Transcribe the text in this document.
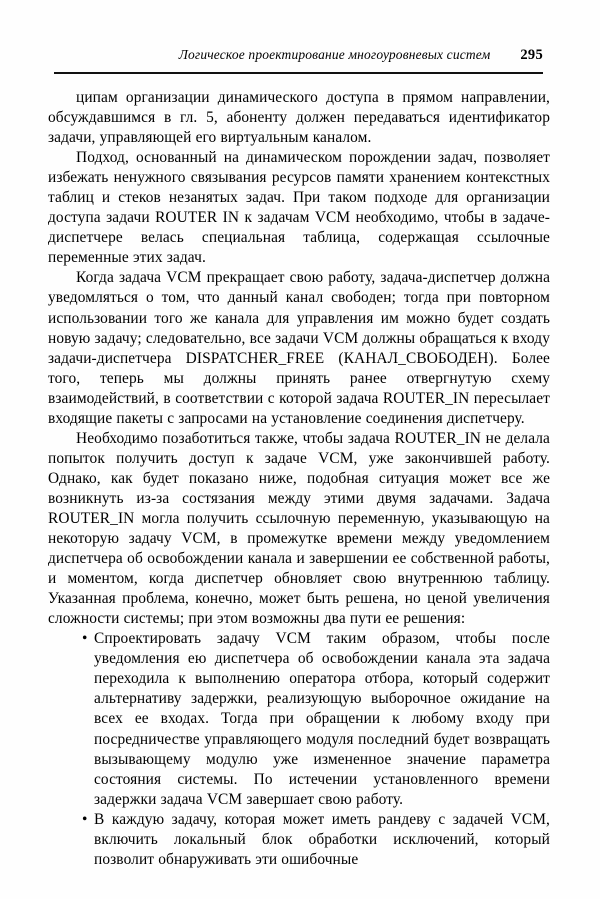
Логическое проектирование многоуровневых систем 295

ципам организации динамического доступа в прямом направлении, обсуждавшимся в гл. 5, абоненту должен передаваться идентификатор задачи, управляющей его виртуальным каналом.

Подход, основанный на динамическом порождении задач, позволяет избежать ненужного связывания ресурсов памяти хранением контекстных таблиц и стеков незанятых задач. При таком подходе для организации доступа задачи ROUTER IN к задачам VCM необходимо, чтобы в задаче-диспетчере велась специальная таблица, содержащая ссылочные переменные этих задач.

Когда задача VCM прекращает свою работу, задача-диспетчер должна уведомляться о том, что данный канал свободен; тогда при повторном использовании того же канала для управления им можно будет создать новую задачу; следовательно, все задачи VCM должны обращаться к входу задачи-диспетчера DISPATCHER_FREE (КАНАЛ_СВОБОДЕН). Более того, теперь мы должны принять ранее отвергнутую схему взаимодействий, в соответствии с которой задача ROUTER_IN пересылает входящие пакеты с запросами на установление соединения диспетчеру.

Необходимо позаботиться также, чтобы задача ROUTER_IN не делала попыток получить доступ к задаче VCM, уже закончившей работу. Однако, как будет показано ниже, подобная ситуация может все же возникнуть из-за состязания между этими двумя задачами. Задача ROUTER_IN могла получить ссылочную переменную, указывающую на некоторую задачу VCM, в промежутке времени между уведомлением диспетчера об освобождении канала и завершении ее собственной работы, и моментом, когда диспетчер обновляет свою внутреннюю таблицу. Указанная проблема, конечно, может быть решена, но ценой увеличения сложности системы; при этом возможны два пути ее решения:

• Спроектировать задачу VCM таким образом, чтобы после уведомления ею диспетчера об освобождении канала эта задача переходила к выполнению оператора отбора, который содержит альтернативу задержки, реализующую выборочное ожидание на всех ее входах. Тогда при обращении к любому входу при посредничестве управляющего модуля последний будет возвращать вызывающему модулю уже измененное значение параметра состояния системы. По истечении установленного времени задержки задача VCM завершает свою работу.
• В каждую задачу, которая может иметь рандеву с задачей VCM, включить локальный блок обработки исключений, который позволит обнаруживать эти ошибочные
